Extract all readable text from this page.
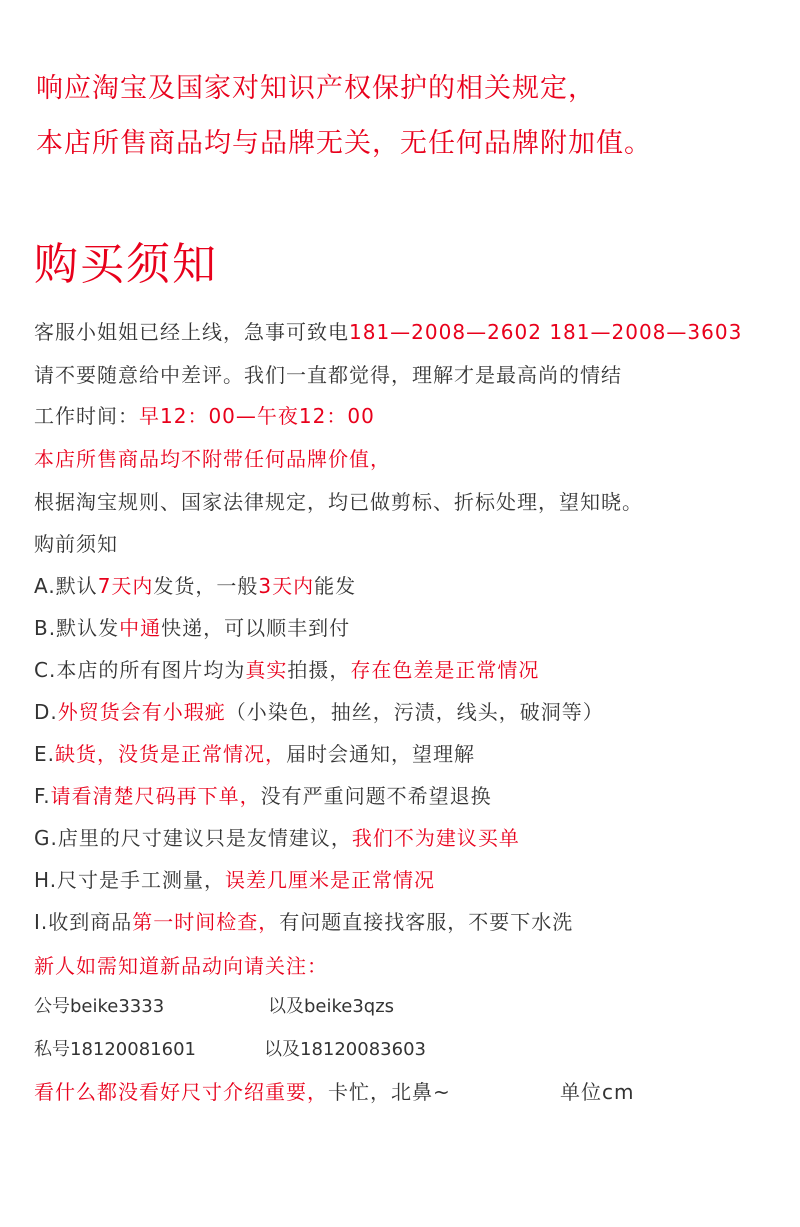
响应淘宝及国家对知识产权保护的相关规定，
本店所售商品均与品牌无关，无任何品牌附加值。
购买须知
客服小姐姐已经上线，急事可致电181—2008—2602 181—2008—3603
请不要随意给中差评。我们一直都觉得，理解才是最高尚的情结
工作时间：早12：00—午夜12：00
本店所售商品均不附带任何品牌价值，
根据淘宝规则、国家法律规定，均已做剪标、折标处理，望知晓。
购前须知
A.默认7天内发货，一般3天内能发
B.默认发中通快递，可以顺丰到付
C.本店的所有图片均为真实拍摄，存在色差是正常情况
D.外贸货会有小瑕疵（小染色，抽丝，污渍，线头，破洞等）
E.缺货，没货是正常情况，届时会通知，望理解
F.请看清楚尺码再下单，没有严重问题不希望退换
G.店里的尺寸建议只是友情建议，我们不为建议买单
H.尺寸是手工测量，误差几厘米是正常情况
I.收到商品第一时间检查，有问题直接找客服，不要下水洗
新人如需知道新品动向请关注：
公号beike3333	以及beike3qzs
私号18120081601	以及18120083603
看什么都没看好尺寸介绍重要，卡忙，北鼻~	单位cm
